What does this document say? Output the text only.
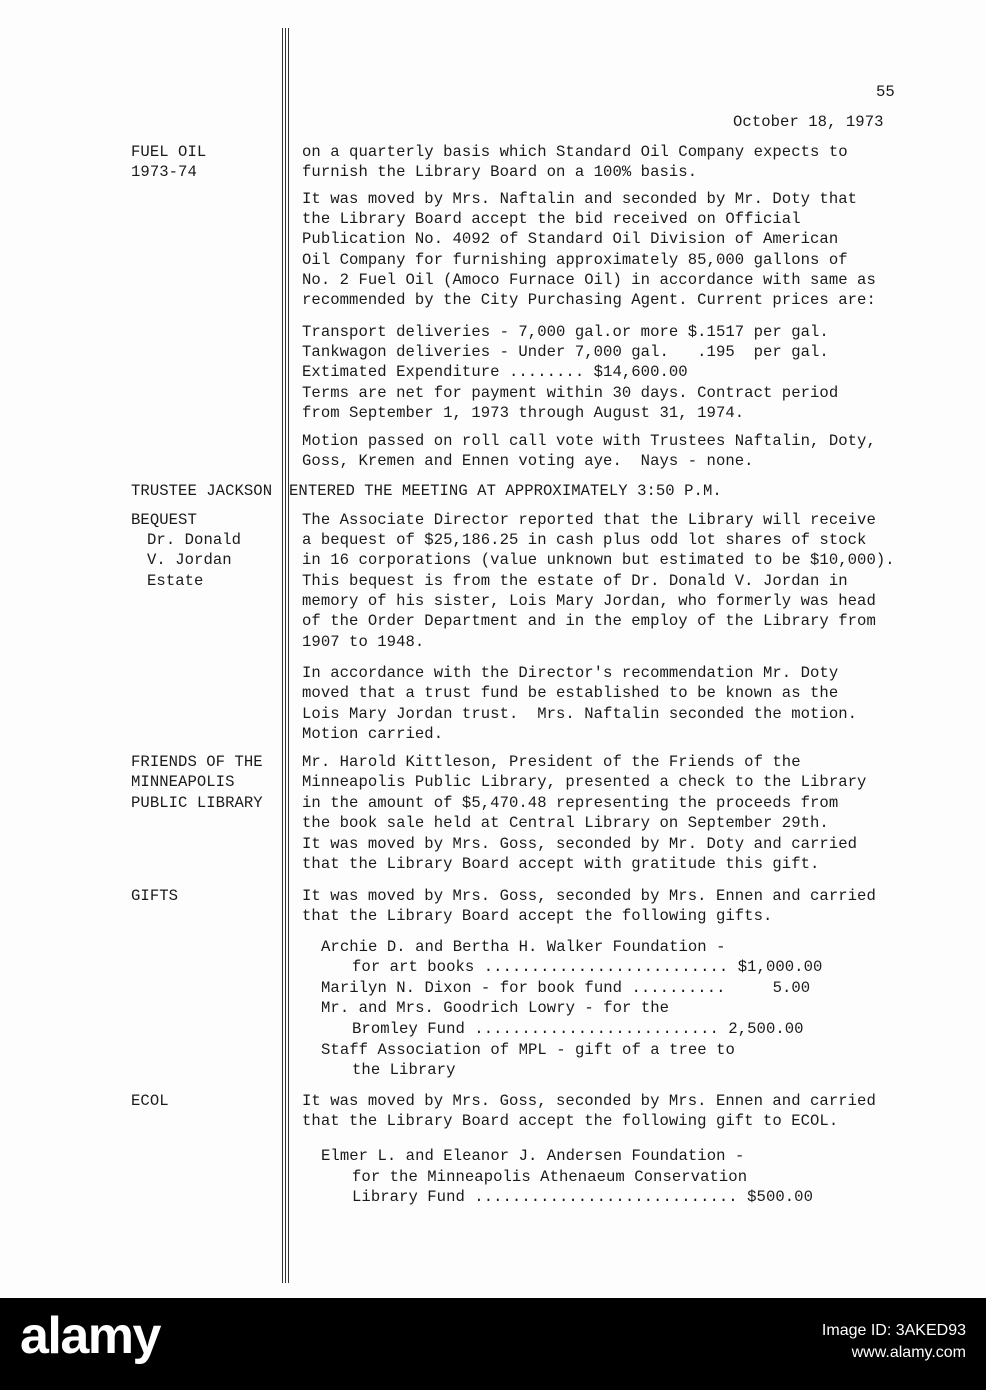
55
October 18, 1973
FUEL OIL
1973-74
on a quarterly basis which Standard Oil Company expects to
furnish the Library Board on a 100% basis.
It was moved by Mrs. Naftalin and seconded by Mr. Doty that
the Library Board accept the bid received on Official
Publication No. 4092 of Standard Oil Division of American
Oil Company for furnishing approximately 85,000 gallons of
No. 2 Fuel Oil (Amoco Furnace Oil) in accordance with same as
recommended by the City Purchasing Agent. Current prices are:
Transport deliveries - 7,000 gal.or more $.1517 per gal.
Tankwagon deliveries - Under 7,000 gal.   .195  per gal.
Extimated Expenditure ........ $14,600.00
Terms are net for payment within 30 days. Contract period
from September 1, 1973 through August 31, 1974.
Motion passed on roll call vote with Trustees Naftalin, Doty,
Goss, Kremen and Ennen voting aye.  Nays - none.
TRUSTEE JACKSON ENTERED THE MEETING AT APPROXIMATELY 3:50 P.M.
BEQUEST
Dr. Donald
V. Jordan
Estate
The Associate Director reported that the Library will receive
a bequest of $25,186.25 in cash plus odd lot shares of stock
in 16 corporations (value unknown but estimated to be $10,000).
This bequest is from the estate of Dr. Donald V. Jordan in
memory of his sister, Lois Mary Jordan, who formerly was head
of the Order Department and in the employ of the Library from
1907 to 1948.
In accordance with the Director's recommendation Mr. Doty
moved that a trust fund be established to be known as the
Lois Mary Jordan trust.  Mrs. Naftalin seconded the motion.
Motion carried.
FRIENDS OF THE
MINNEAPOLIS
PUBLIC LIBRARY
Mr. Harold Kittleson, President of the Friends of the
Minneapolis Public Library, presented a check to the Library
in the amount of $5,470.48 representing the proceeds from
the book sale held at Central Library on September 29th.
It was moved by Mrs. Goss, seconded by Mr. Doty and carried
that the Library Board accept with gratitude this gift.
GIFTS	It was moved by Mrs. Goss, seconded by Mrs. Ennen and carried
that the Library Board accept the following gifts.
Archie D. and Bertha H. Walker Foundation -
for art books .......................... $1,000.00
Marilyn N. Dixon - for book fund ..........     5.00
Mr. and Mrs. Goodrich Lowry - for the
Bromley Fund .......................... 2,500.00
Staff Association of MPL - gift of a tree to
the Library
ECOL	It was moved by Mrs. Goss, seconded by Mrs. Ennen and carried
that the Library Board accept the following gift to ECOL.
Elmer L. and Eleanor J. Andersen Foundation -
for the Minneapolis Athenaeum Conservation
Library Fund ............................ $500.00
alamy	Image ID: 3AKED93
www.alamy.com
